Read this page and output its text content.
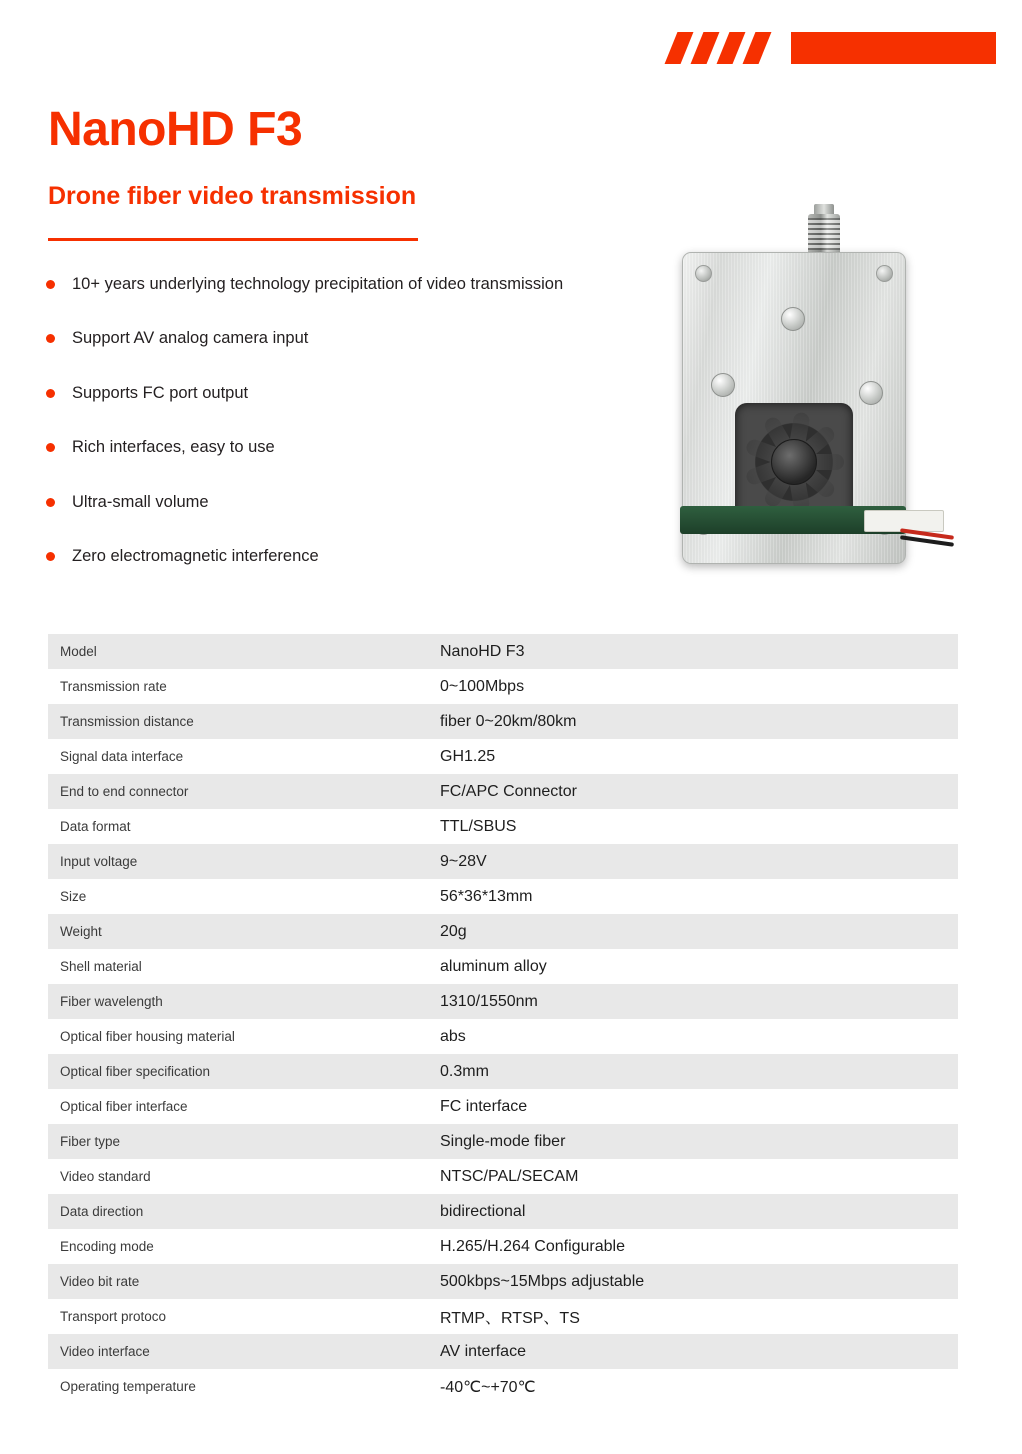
NanoHD F3
Drone fiber video transmission
10+ years underlying technology precipitation of video transmission
Support AV analog camera input
Supports FC port output
Rich interfaces, easy to use
Ultra-small volume
Zero electromagnetic interference
Model	NanoHD F3
Transmission rate	0~100Mbps
Transmission distance	fiber 0~20km/80km
Signal data interface	GH1.25
End to end connector	FC/APC Connector
Data format	TTL/SBUS
Input voltage	9~28V
Size	56*36*13mm
Weight	20g
Shell material	aluminum alloy
Fiber wavelength	1310/1550nm
Optical fiber housing material	abs
Optical fiber specification	0.3mm
Optical fiber interface	FC interface
Fiber type	Single-mode fiber
Video standard	NTSC/PAL/SECAM
Data direction	bidirectional
Encoding mode	H.265/H.264 Configurable
Video bit rate	500kbps~15Mbps adjustable
Transport protoco	RTMP、RTSP、TS
Video interface	AV interface
Operating temperature	-40℃~+70℃
